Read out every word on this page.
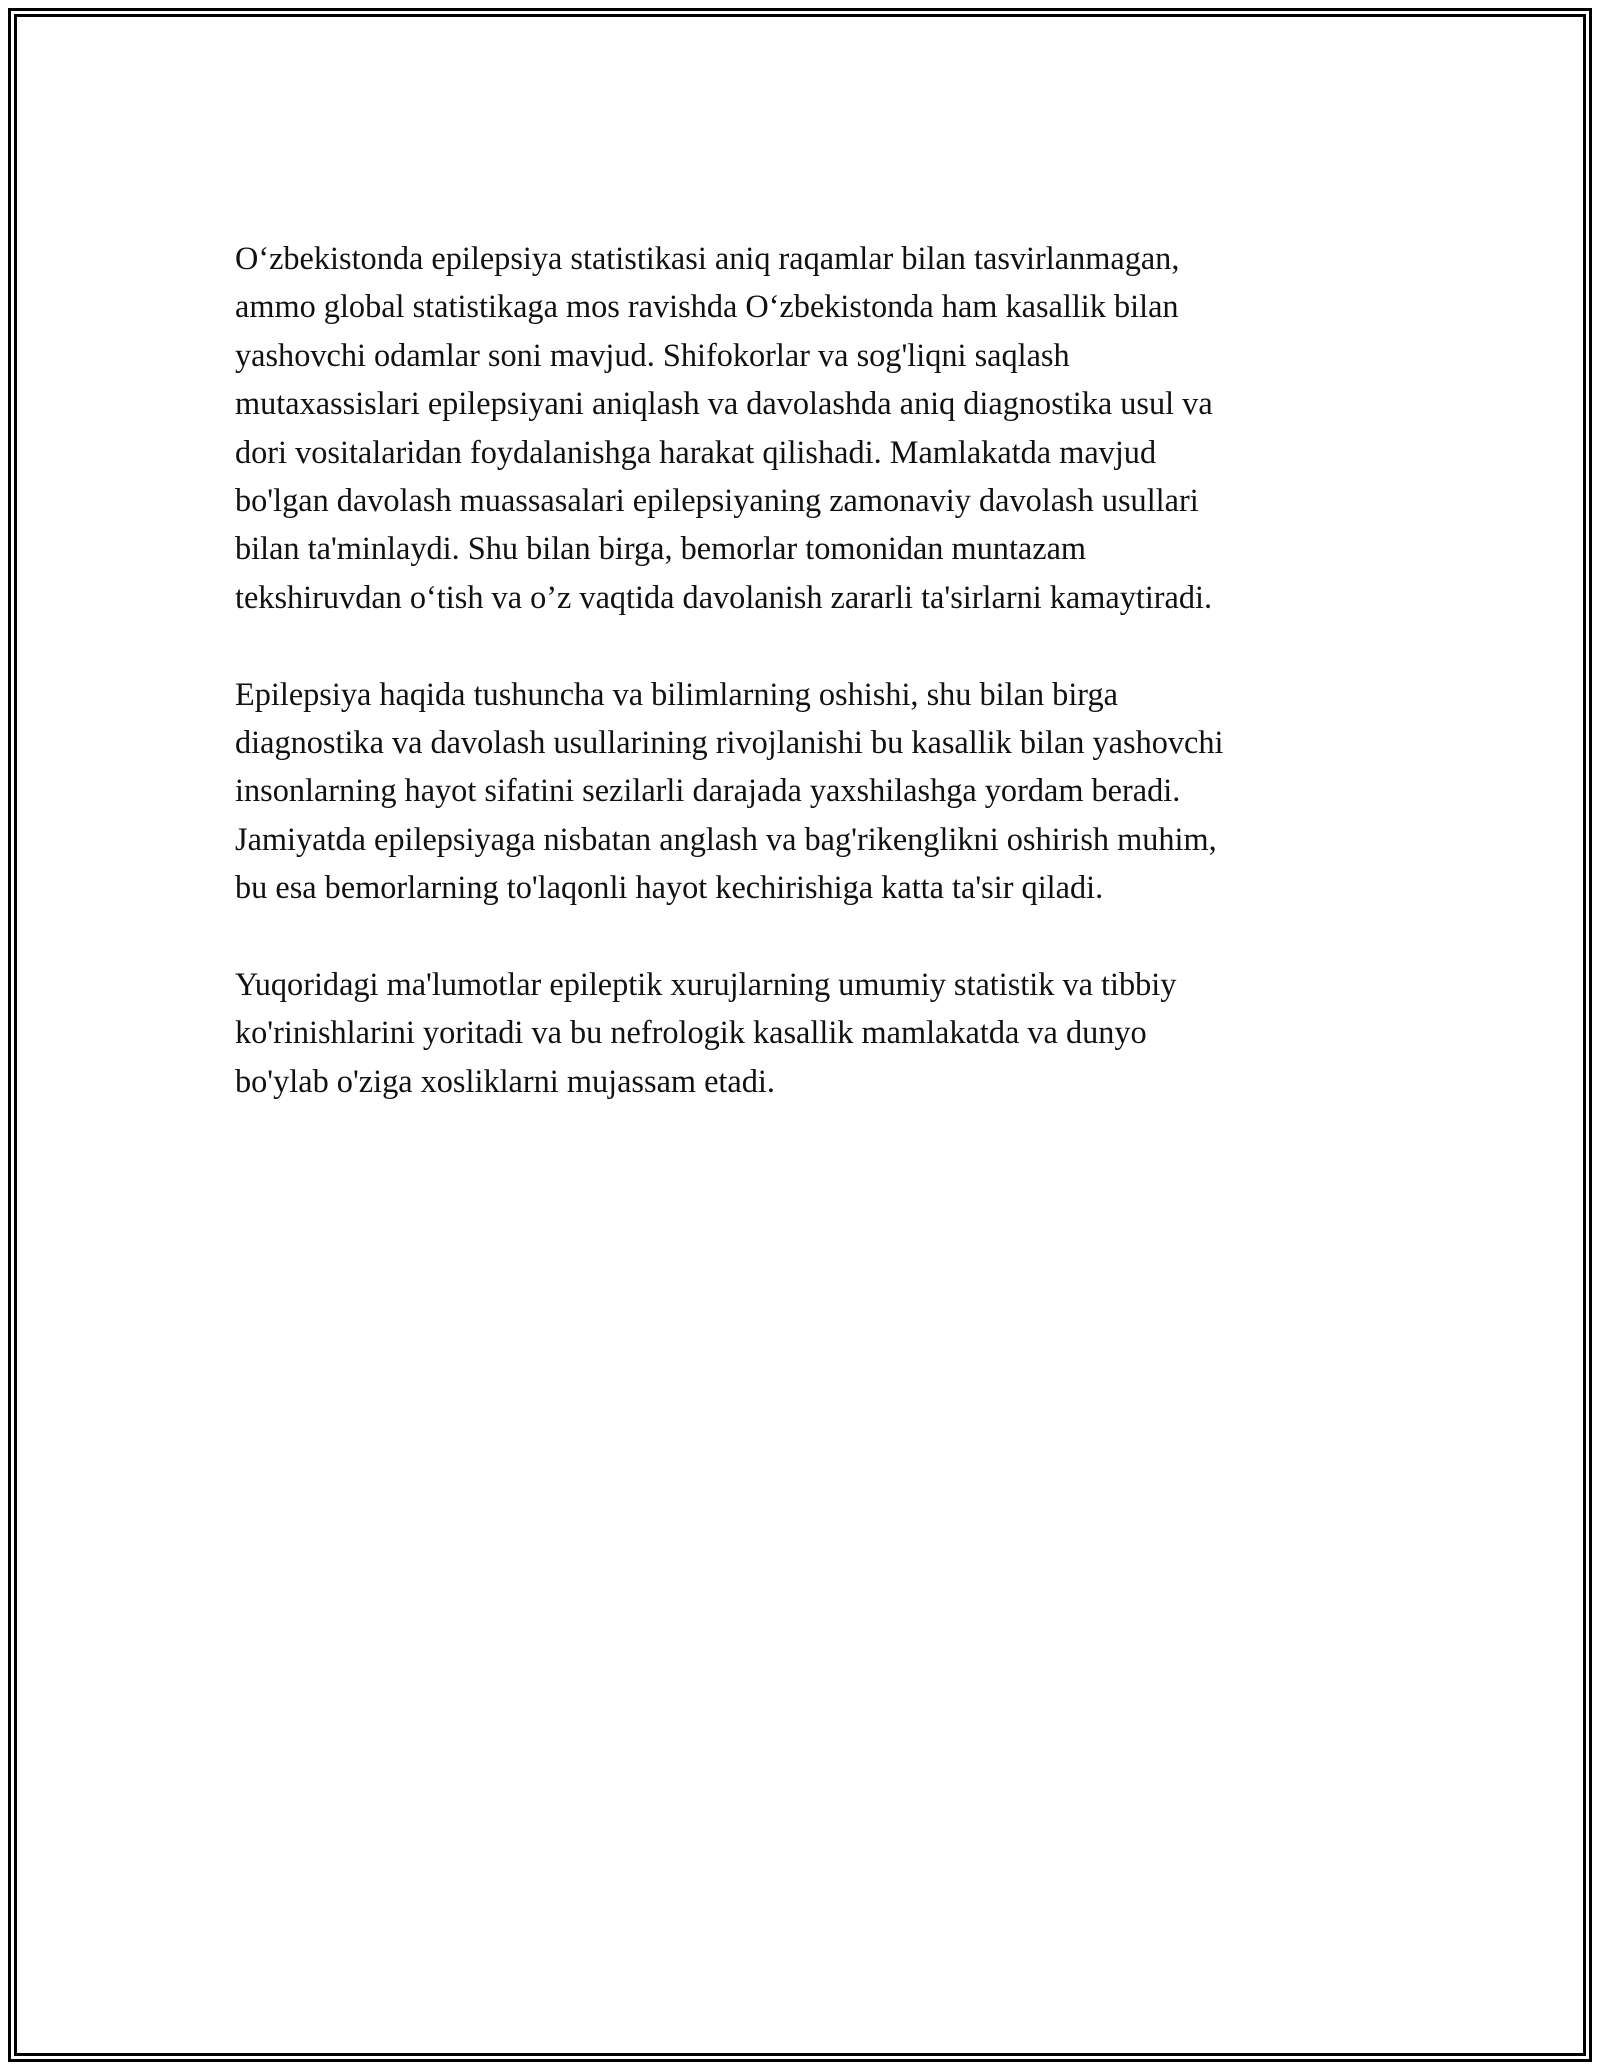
O‘zbekistonda epilepsiya statistikasi aniq raqamlar bilan tasvirlanmagan,
ammo global statistikaga mos ravishda O‘zbekistonda ham kasallik bilan
yashovchi odamlar soni mavjud. Shifokorlar va sog'liqni saqlash
mutaxassislari epilepsiyani aniqlash va davolashda aniq diagnostika usul va
dori vositalaridan foydalanishga harakat qilishadi. Mamlakatda mavjud
bo'lgan davolash muassasalari epilepsiyaning zamonaviy davolash usullari
bilan ta'minlaydi. Shu bilan birga, bemorlar tomonidan muntazam
tekshiruvdan o‘tish va o’z vaqtida davolanish zararli ta'sirlarni kamaytiradi.

Epilepsiya haqida tushuncha va bilimlarning oshishi, shu bilan birga
diagnostika va davolash usullarining rivojlanishi bu kasallik bilan yashovchi
insonlarning hayot sifatini sezilarli darajada yaxshilashga yordam beradi.
Jamiyatda epilepsiyaga nisbatan anglash va bag'rikenglikni oshirish muhim,
bu esa bemorlarning to'laqonli hayot kechirishiga katta ta'sir qiladi.

Yuqoridagi ma'lumotlar epileptik xurujlarning umumiy statistik va tibbiy
ko'rinishlarini yoritadi va bu nefrologik kasallik mamlakatda va dunyo
bo'ylab o'ziga xosliklarni mujassam etadi.
